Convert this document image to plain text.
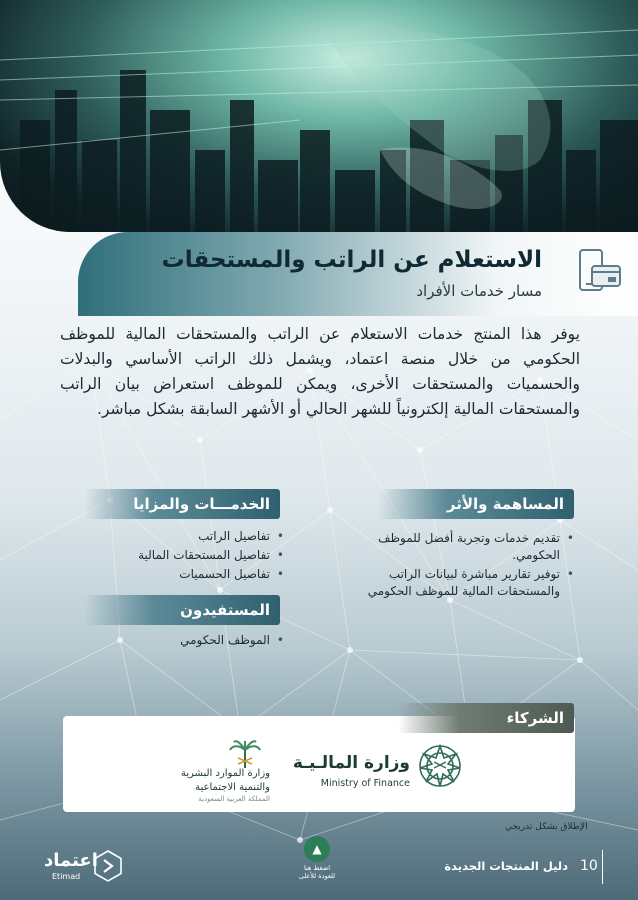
الاستعلام عن الراتب والمستحقات
مسار خدمات الأفراد
يوفر هذا المنتج خدمات الاستعلام عن الراتب والمستحقات المالية للموظف الحكومي من خلال منصة اعتماد، ويشمل ذلك الراتب الأساسي والبدلات والحسميات والمستحقات الأخرى، ويمكن للموظف استعراض بيان الراتب والمستحقات المالية إلكترونياً للشهر الحالي أو الأشهر السابقة بشكل مباشر.
المساهمة والأثر
• تقديم خدمات وتجربة أفضل للموظف الحكومي.
• توفير تقارير مباشرة لبيانات الراتب والمستحقات المالية للموظف الحكومي
الخدمـــات والمزايا
• تفاصيل الراتب
• تفاصيل المستحقات المالية
• تفاصيل الحسميات
المستفيدون
• الموظف الحكومي
الشركاء
وزارة المالـيـة
Ministry of Finance
وزارة الموارد البشرية
والتنمية الاجتماعية
المملكة العربية السعودية
الإطلاق بشكل تدريجي
10
دليل المنتجات الجديدة
▲
اضغط هنا
للعودة للأعلى
اعتماد
Etimad
